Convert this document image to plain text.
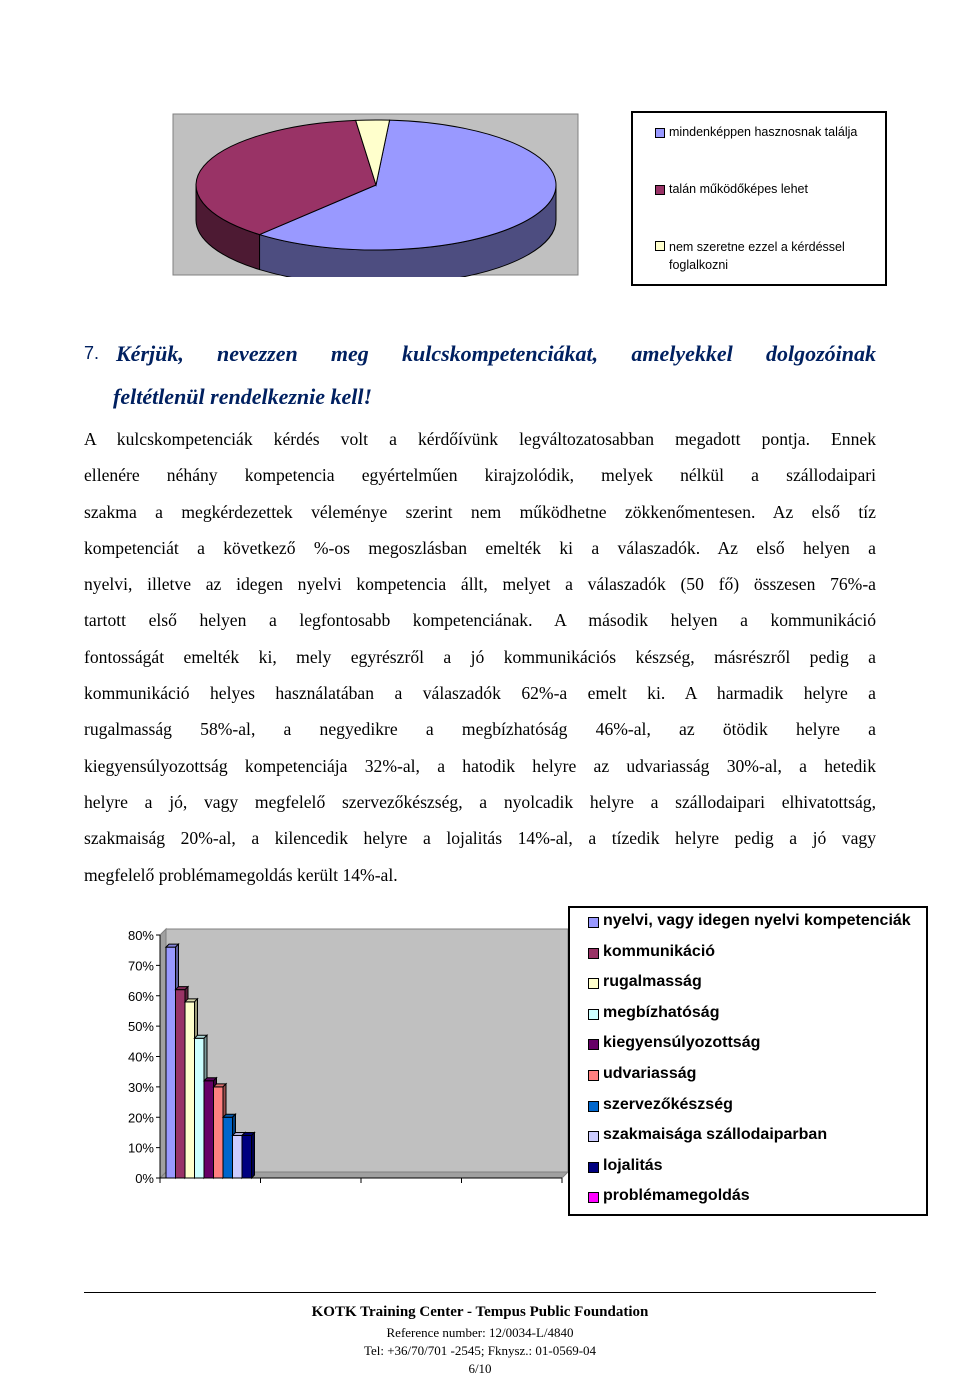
mindenképpen hasznosnak találja
talán működőképes lehet
nem szeretne ezzel a kérdéssel
foglalkozni
7. Kérjük, nevezzen meg kulcskompetenciákat, amelyekkel dolgozóinak
feltétlenül rendelkeznie kell!
A kulcskompetenciák kérdés volt a kérdőívünk legváltozatosabban megadott pontja. Ennek
ellenére néhány kompetencia egyértelműen kirajzolódik, melyek nélkül a szállodaipari
szakma a megkérdezettek véleménye szerint nem működhetne zökkenőmentesen. Az első tíz
kompetenciát a következő %-os megoszlásban emelték ki a válaszadók. Az első helyen a
nyelvi, illetve az idegen nyelvi kompetencia állt, melyet a válaszadók (50 fő) összesen 76%-a
tartott első helyen a legfontosabb kompetenciának. A második helyen a kommunikáció
fontosságát emelték ki, mely egyrészről a jó kommunikációs készség, másrészről pedig a
kommunikáció helyes használatában a válaszadók 62%-a emelt ki. A harmadik helyre a
rugalmasság 58%-al, a negyedikre a megbízhatóság 46%-al, az ötödik helyre a
kiegyensúlyozottság kompetenciája 32%-al, a hatodik helyre az udvariasság 30%-al, a hetedik
helyre a jó, vagy megfelelő szervezőkészség, a nyolcadik helyre a szállodaipari elhivatottság,
szakmaiság 20%-al, a kilencedik helyre a lojalitás 14%-al, a tízedik helyre pedig a jó vagy
megfelelő problémamegoldás került 14%-al.
80%
70%
60%
50%
40%
30%
20%
10%
0%
nyelvi, vagy idegen nyelvi kompetenciák
kommunikáció
rugalmasság
megbízhatóság
kiegyensúlyozottság
udvariasság
szervezőkészség
szakmaisága szállodaiparban
lojalitás
problémamegoldás
KOTK Training Center - Tempus Public Foundation
Reference number: 12/0034-L/4840
Tel: +36/70/701 -2545; Fknysz.: 01-0569-04
6/10
